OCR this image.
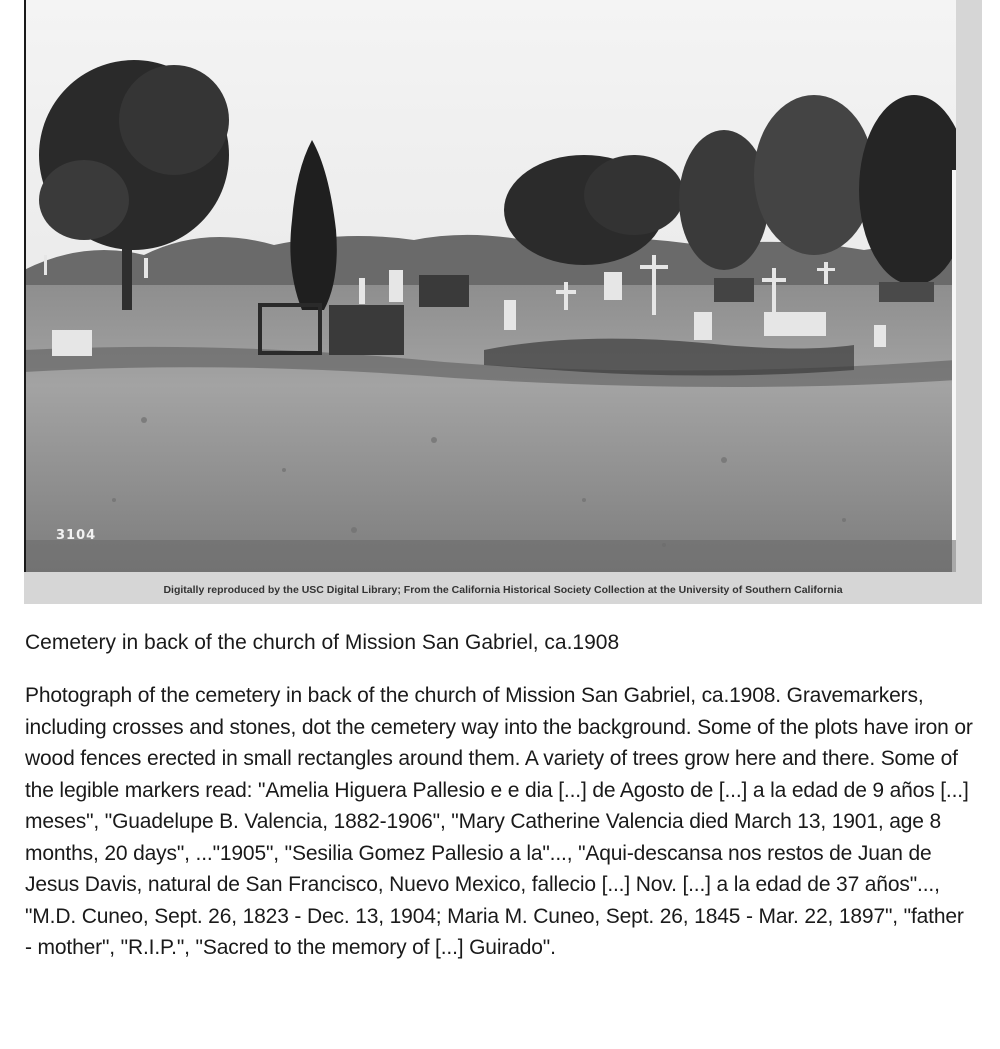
3104
Digitally reproduced by the USC Digital Library; From the California Historical Society Collection at the University of Southern California
Cemetery in back of the church of Mission San Gabriel, ca.1908
Photograph of the cemetery in back of the church of Mission San Gabriel, ca.1908. Gravemarkers, including crosses and stones, dot the cemetery way into the background. Some of the plots have iron or wood fences erected in small rectangles around them. A variety of trees grow here and there. Some of the legible markers read: "Amelia Higuera Pallesio e e dia [...] de Agosto de [...] a la edad de 9 años [...] meses", "Guadelupe B. Valencia, 1882-1906", "Mary Catherine Valencia died March 13, 1901, age 8 months, 20 days", ..."1905", "Sesilia Gomez Pallesio a la"..., "Aqui-descansa nos restos de Juan de Jesus Davis, natural de San Francisco, Nuevo Mexico, fallecio [...] Nov. [...] a la edad de 37 años"..., "M.D. Cuneo, Sept. 26, 1823 - Dec. 13, 1904; Maria M. Cuneo, Sept. 26, 1845 - Mar. 22, 1897", "father - mother", "R.I.P.", "Sacred to the memory of [...] Guirado".
